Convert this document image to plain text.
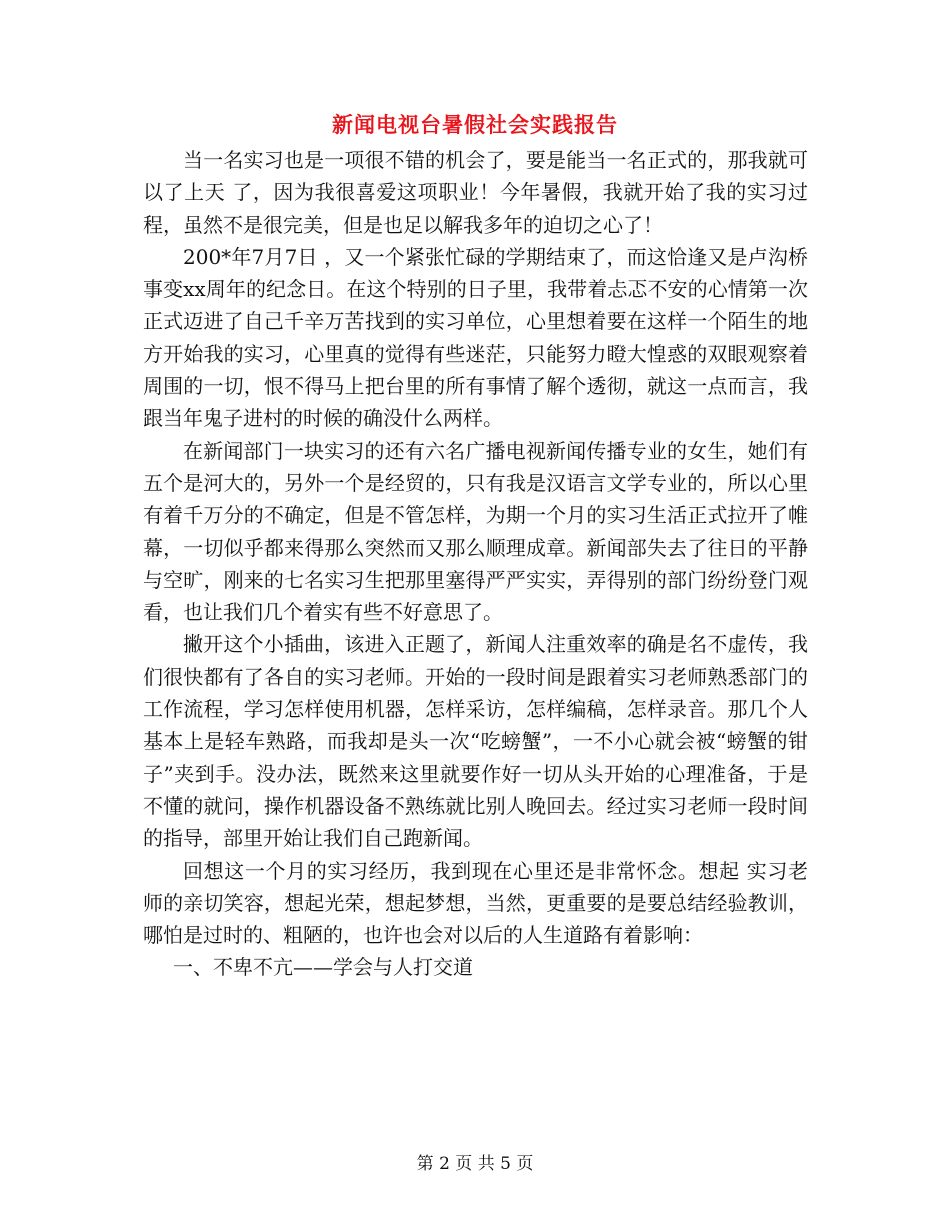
新闻电视台暑假社会实践报告

当一名实习也是一项很不错的机会了，要是能当一名正式的，那我就可以了上天 了，因为我很喜爱这项职业！今年暑假，我就开始了我的实习过程，虽然不是很完美，但是也足以解我多年的迫切之心了！

200*年7月7日 ，又一个紧张忙碌的学期结束了，而这恰逢又是卢沟桥事变xx周年的纪念日。在这个特别的日子里，我带着忐忑不安的心情第一次正式迈进了自己千辛万苦找到的实习单位，心里想着要在这样一个陌生的地方开始我的实习，心里真的觉得有些迷茫，只能努力瞪大惶惑的双眼观察着周围的一切，恨不得马上把台里的所有事情了解个透彻，就这一点而言，我跟当年鬼子进村的时候的确没什么两样。

在新闻部门一块实习的还有六名广播电视新闻传播专业的女生，她们有五个是河大的，另外一个是经贸的，只有我是汉语言文学专业的，所以心里有着千万分的不确定，但是不管怎样，为期一个月的实习生活正式拉开了帷幕，一切似乎都来得那么突然而又那么顺理成章。新闻部失去了往日的平静与空旷，刚来的七名实习生把那里塞得严严实实，弄得别的部门纷纷登门观看，也让我们几个着实有些不好意思了。

撇开这个小插曲，该进入正题了，新闻人注重效率的确是名不虚传，我们很快都有了各自的实习老师。开始的一段时间是跟着实习老师熟悉部门的工作流程，学习怎样使用机器，怎样采访，怎样编稿，怎样录音。那几个人基本上是轻车熟路，而我却是头一次“吃螃蟹”，一不小心就会被“螃蟹的钳子”夹到手。没办法，既然来这里就要作好一切从头开始的心理准备，于是不懂的就问，操作机器设备不熟练就比别人晚回去。经过实习老师一段时间的指导，部里开始让我们自己跑新闻。

回想这一个月的实习经历，我到现在心里还是非常怀念。想起 实习老师的亲切笑容，想起光荣，想起梦想，当然，更重要的是要总结经验教训，哪怕是过时的、粗陋的，也许也会对以后的人生道路有着影响：

一、不卑不亢——学会与人打交道

第 2 页 共 5 页
